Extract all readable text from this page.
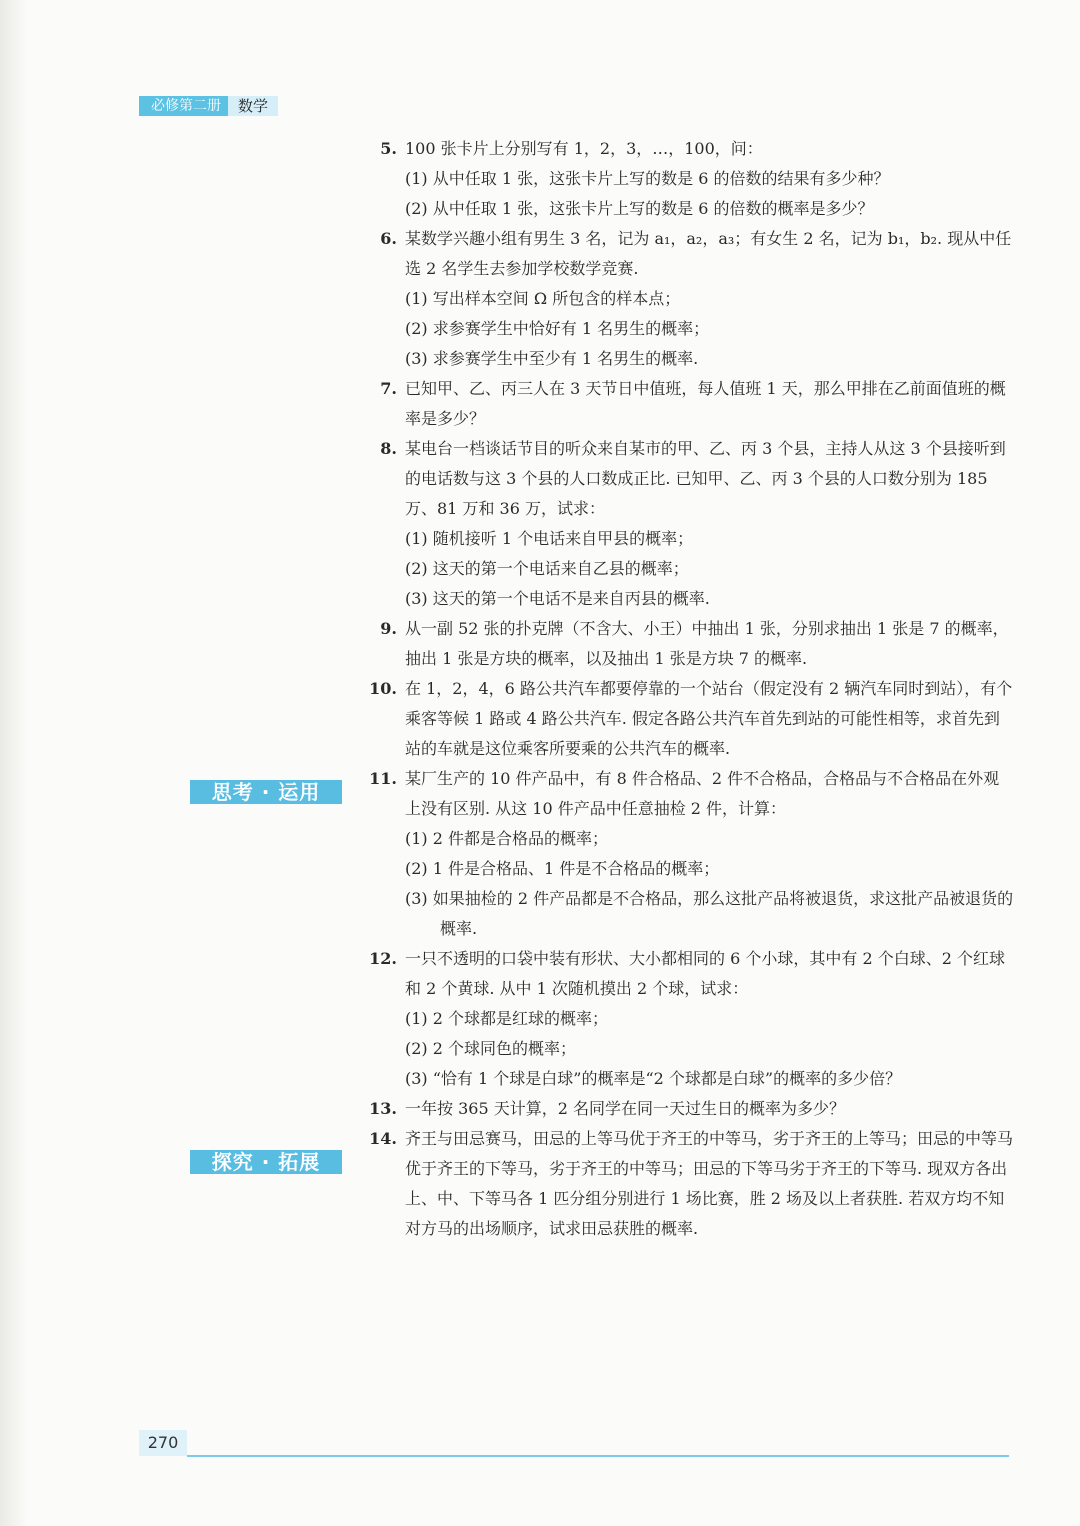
必修第二册	数学
思考 · 运用
探究 · 拓展
5. 100 张卡片上分别写有 1，2，3，…，100，问：
(1) 从中任取 1 张，这张卡片上写的数是 6 的倍数的结果有多少种？
(2) 从中任取 1 张，这张卡片上写的数是 6 的倍数的概率是多少？
6. 某数学兴趣小组有男生 3 名，记为 a₁，a₂，a₃；有女生 2 名，记为 b₁，b₂. 现从中任选 2 名学生去参加学校数学竞赛.
(1) 写出样本空间 Ω 所包含的样本点；
(2) 求参赛学生中恰好有 1 名男生的概率；
(3) 求参赛学生中至少有 1 名男生的概率.
7. 已知甲、乙、丙三人在 3 天节日中值班，每人值班 1 天，那么甲排在乙前面值班的概率是多少？
8. 某电台一档谈话节目的听众来自某市的甲、乙、丙 3 个县，主持人从这 3 个县接听到的电话数与这 3 个县的人口数成正比. 已知甲、乙、丙 3 个县的人口数分别为 185 万、81 万和 36 万，试求：
(1) 随机接听 1 个电话来自甲县的概率；
(2) 这天的第一个电话来自乙县的概率；
(3) 这天的第一个电话不是来自丙县的概率.
9. 从一副 52 张的扑克牌（不含大、小王）中抽出 1 张，分别求抽出 1 张是 7 的概率，抽出 1 张是方块的概率，以及抽出 1 张是方块 7 的概率.
10. 在 1，2，4，6 路公共汽车都要停靠的一个站台（假定没有 2 辆汽车同时到站），有个乘客等候 1 路或 4 路公共汽车. 假定各路公共汽车首先到站的可能性相等，求首先到站的车就是这位乘客所要乘的公共汽车的概率.
11. 某厂生产的 10 件产品中，有 8 件合格品、2 件不合格品，合格品与不合格品在外观上没有区别. 从这 10 件产品中任意抽检 2 件，计算：
(1) 2 件都是合格品的概率；
(2) 1 件是合格品、1 件是不合格品的概率；
(3) 如果抽检的 2 件产品都是不合格品，那么这批产品将被退货，求这批产品被退货的概率.
12. 一只不透明的口袋中装有形状、大小都相同的 6 个小球，其中有 2 个白球、2 个红球和 2 个黄球. 从中 1 次随机摸出 2 个球，试求：
(1) 2 个球都是红球的概率；
(2) 2 个球同色的概率；
(3) “恰有 1 个球是白球”的概率是“2 个球都是白球”的概率的多少倍？
13. 一年按 365 天计算，2 名同学在同一天过生日的概率为多少？
14. 齐王与田忌赛马，田忌的上等马优于齐王的中等马，劣于齐王的上等马；田忌的中等马优于齐王的下等马，劣于齐王的中等马；田忌的下等马劣于齐王的下等马. 现双方各出上、中、下等马各 1 匹分组分别进行 1 场比赛，胜 2 场及以上者获胜. 若双方均不知对方马的出场顺序，试求田忌获胜的概率.
270
